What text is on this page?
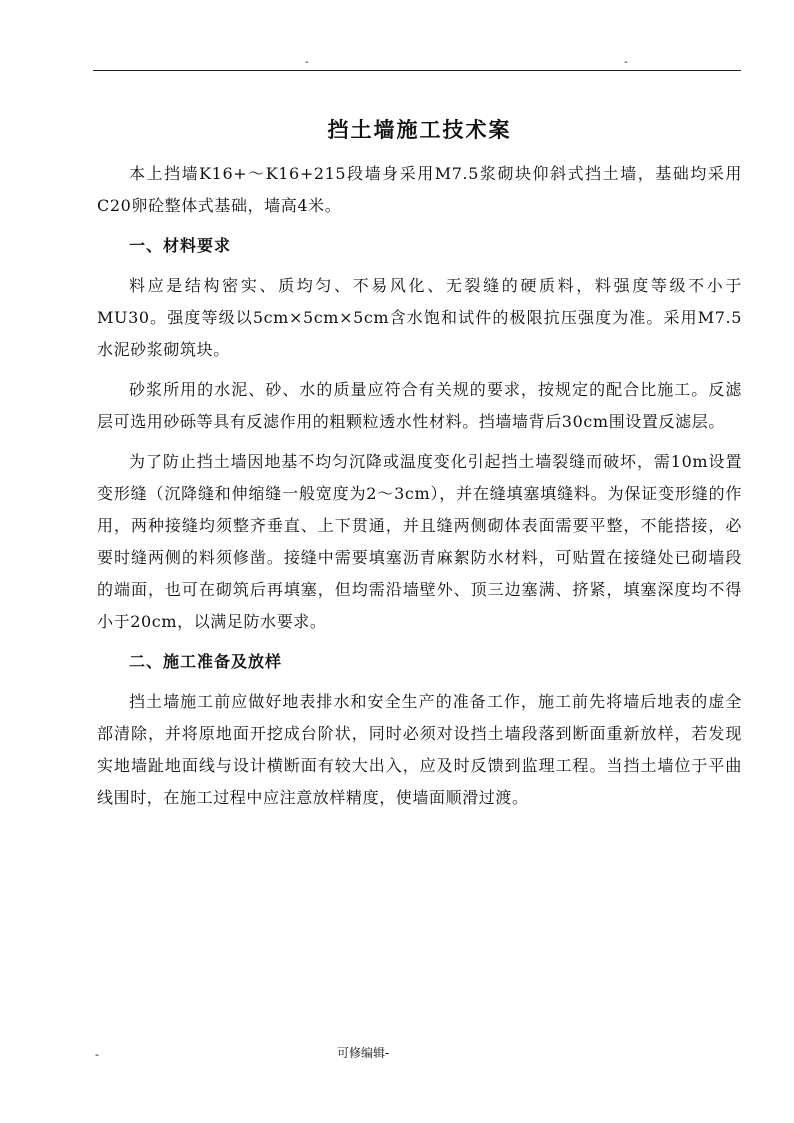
-	-
挡土墙施工技术案

本上挡墙K16+～K16+215段墙身采用M7.5浆砌块仰斜式挡土墙，基础均采用C20卵砼整体式基础，墙高4米。

一、材料要求

料应是结构密实、质均匀、不易风化、无裂缝的硬质料，料强度等级不小于MU30。强度等级以5cm×5cm×5cm含水饱和试件的极限抗压强度为准。采用M7.5水泥砂浆砌筑块。

砂浆所用的水泥、砂、水的质量应符合有关规的要求，按规定的配合比施工。反滤层可选用砂砾等具有反滤作用的粗颗粒透水性材料。挡墙墙背后30cm围设置反滤层。

为了防止挡土墙因地基不均匀沉降或温度变化引起挡土墙裂缝而破坏，需10m设置变形缝（沉降缝和伸缩缝一般宽度为2～3cm），并在缝填塞填缝料。为保证变形缝的作用，两种接缝均须整齐垂直、上下贯通，并且缝两侧砌体表面需要平整，不能搭接，必要时缝两侧的料须修凿。接缝中需要填塞沥青麻絮防水材料，可贴置在接缝处已砌墙段的端面，也可在砌筑后再填塞，但均需沿墙壁外、顶三边塞满、挤紧，填塞深度均不得小于20cm，以满足防水要求。

二、施工准备及放样

挡土墙施工前应做好地表排水和安全生产的准备工作，施工前先将墙后地表的虚全部清除，并将原地面开挖成台阶状，同时必须对设挡土墙段落到断面重新放样，若发现实地墙趾地面线与设计横断面有较大出入，应及时反馈到监理工程。当挡土墙位于平曲线围时，在施工过程中应注意放样精度，使墙面顺滑过渡。

-	可修编辑-
